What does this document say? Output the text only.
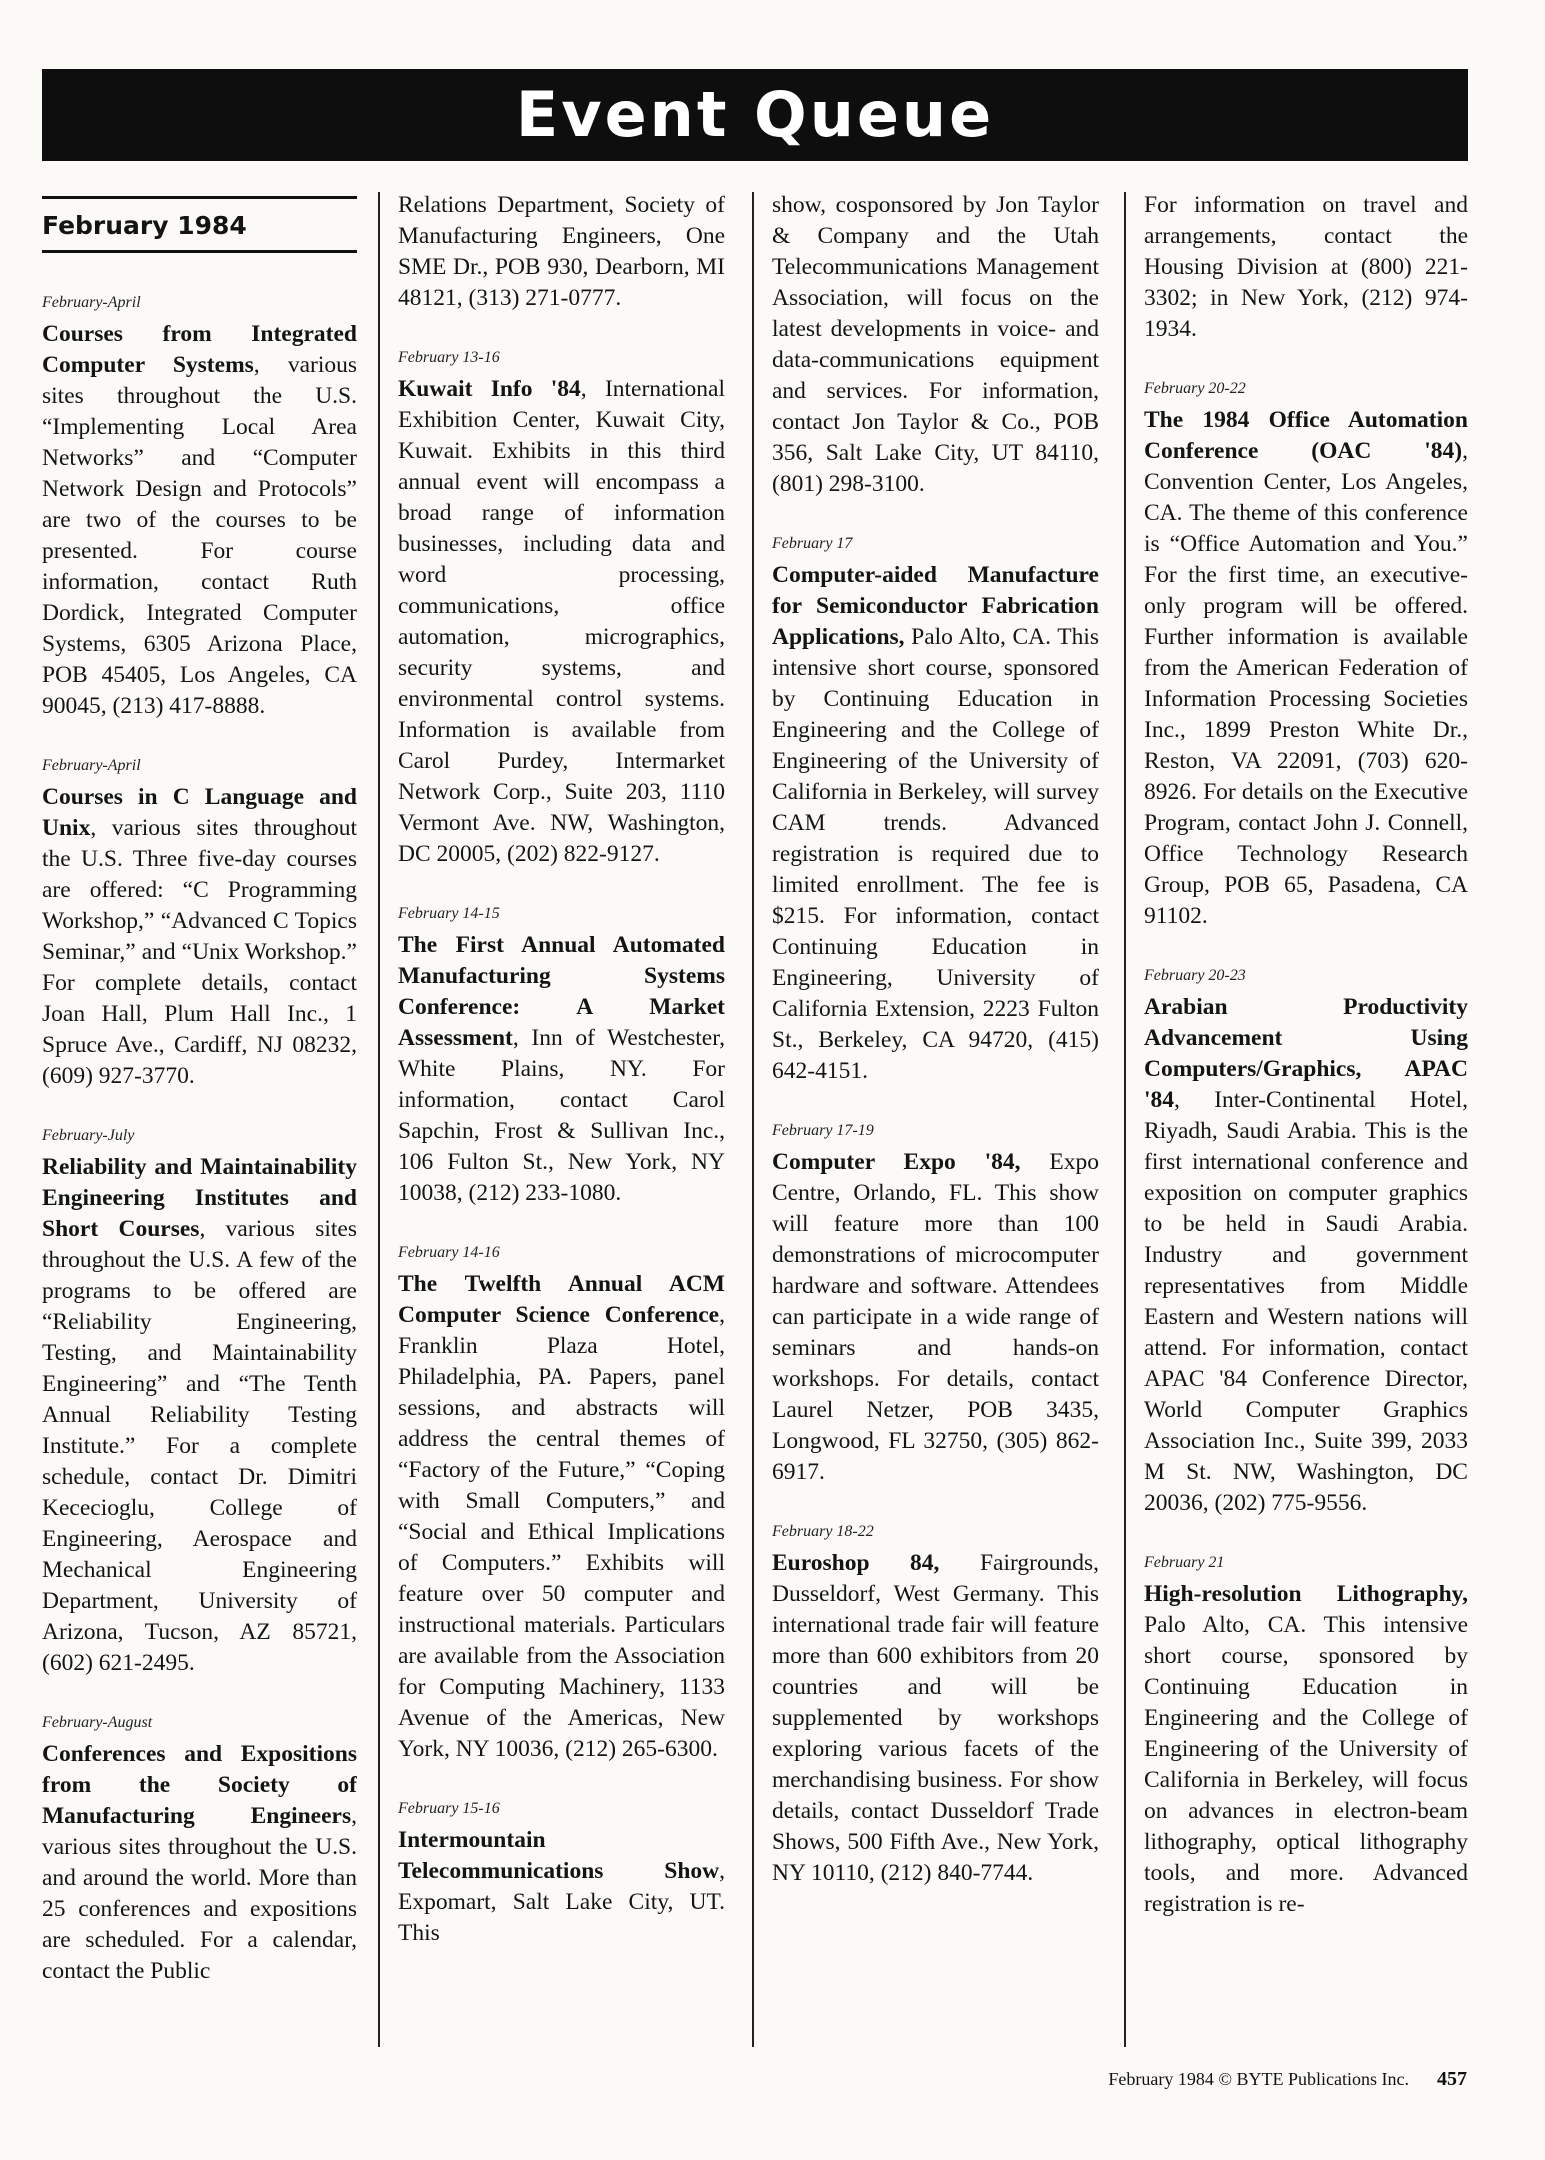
Event Queue
February 1984
February-April
Courses from Integrated Computer Systems, various sites throughout the U.S. “Implementing Local Area Networks” and “Computer Network Design and Protocols” are two of the courses to be presented. For course information, contact Ruth Dordick, Integrated Computer Systems, 6305 Arizona Place, POB 45405, Los Angeles, CA 90045, (213) 417-8888.
February-April
Courses in C Language and Unix, various sites throughout the U.S. Three five-day courses are offered: “C Programming Workshop,” “Advanced C Topics Seminar,” and “Unix Workshop.” For complete details, contact Joan Hall, Plum Hall Inc., 1 Spruce Ave., Cardiff, NJ 08232, (609) 927-3770.
February-July
Reliability and Maintainability Engineering Institutes and Short Courses, various sites throughout the U.S. A few of the programs to be offered are “Reliability Engineering, Testing, and Maintainability Engineering” and “The Tenth Annual Reliability Testing Institute.” For a complete schedule, contact Dr. Dimitri Kececioglu, College of Engineering, Aerospace and Mechanical Engineering Department, University of Arizona, Tucson, AZ 85721, (602) 621-2495.
February-August
Conferences and Expositions from the Society of Manufacturing Engineers, various sites throughout the U.S. and around the world. More than 25 conferences and expositions are scheduled. For a calendar, contact the Public
Relations Department, Society of Manufacturing Engineers, One SME Dr., POB 930, Dearborn, MI 48121, (313) 271-0777.
February 13-16
Kuwait Info '84, International Exhibition Center, Kuwait City, Kuwait. Exhibits in this third annual event will encompass a broad range of information businesses, including data and word processing, communications, office automation, micrographics, security systems, and environmental control systems. Information is available from Carol Purdey, Intermarket Network Corp., Suite 203, 1110 Vermont Ave. NW, Washington, DC 20005, (202) 822-9127.
February 14-15
The First Annual Automated Manufacturing Systems Conference: A Market Assessment, Inn of Westchester, White Plains, NY. For information, contact Carol Sapchin, Frost & Sullivan Inc., 106 Fulton St., New York, NY 10038, (212) 233-1080.
February 14-16
The Twelfth Annual ACM Computer Science Conference, Franklin Plaza Hotel, Philadelphia, PA. Papers, panel sessions, and abstracts will address the central themes of “Factory of the Future,” “Coping with Small Computers,” and “Social and Ethical Implications of Computers.” Exhibits will feature over 50 computer and instructional materials. Particulars are available from the Association for Computing Machinery, 1133 Avenue of the Americas, New York, NY 10036, (212) 265-6300.
February 15-16
Intermountain Telecommunications Show, Expomart, Salt Lake City, UT. This
show, cosponsored by Jon Taylor & Company and the Utah Telecommunications Management Association, will focus on the latest developments in voice- and data-communications equipment and services. For information, contact Jon Taylor & Co., POB 356, Salt Lake City, UT 84110, (801) 298-3100.
February 17
Computer-aided Manufacture for Semiconductor Fabrication Applications, Palo Alto, CA. This intensive short course, sponsored by Continuing Education in Engineering and the College of Engineering of the University of California in Berkeley, will survey CAM trends. Advanced registration is required due to limited enrollment. The fee is $215. For information, contact Continuing Education in Engineering, University of California Extension, 2223 Fulton St., Berkeley, CA 94720, (415) 642-4151.
February 17-19
Computer Expo '84, Expo Centre, Orlando, FL. This show will feature more than 100 demonstrations of microcomputer hardware and software. Attendees can participate in a wide range of seminars and hands-on workshops. For details, contact Laurel Netzer, POB 3435, Longwood, FL 32750, (305) 862-6917.
February 18-22
Euroshop 84, Fairgrounds, Dusseldorf, West Germany. This international trade fair will feature more than 600 exhibitors from 20 countries and will be supplemented by workshops exploring various facets of the merchandising business. For show details, contact Dusseldorf Trade Shows, 500 Fifth Ave., New York, NY 10110, (212) 840-7744.
For information on travel and arrangements, contact the Housing Division at (800) 221-3302; in New York, (212) 974-1934.
February 20-22
The 1984 Office Automation Conference (OAC '84), Convention Center, Los Angeles, CA. The theme of this conference is “Office Automation and You.” For the first time, an executive-only program will be offered. Further information is available from the American Federation of Information Processing Societies Inc., 1899 Preston White Dr., Reston, VA 22091, (703) 620-8926. For details on the Executive Program, contact John J. Connell, Office Technology Research Group, POB 65, Pasadena, CA 91102.
February 20-23
Arabian Productivity Advancement Using Computers/Graphics, APAC '84, Inter-Continental Hotel, Riyadh, Saudi Arabia. This is the first international conference and exposition on computer graphics to be held in Saudi Arabia. Industry and government representatives from Middle Eastern and Western nations will attend. For information, contact APAC '84 Conference Director, World Computer Graphics Association Inc., Suite 399, 2033 M St. NW, Washington, DC 20036, (202) 775-9556.
February 21
High-resolution Lithography, Palo Alto, CA. This intensive short course, sponsored by Continuing Education in Engineering and the College of Engineering of the University of California in Berkeley, will focus on advances in electron-beam lithography, optical lithography tools, and more. Advanced registration is re-
February 1984 © BYTE Publications Inc. 457
